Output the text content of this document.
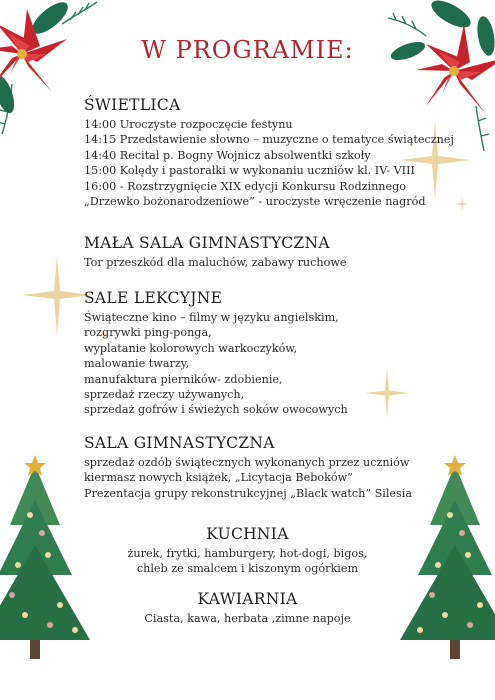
W PROGRAMIE:
ŚWIETLICA
14:00 Uroczyste rozpoczęcie festynu
14:15 Przedstawienie słowno – muzyczne o tematyce świątecznej
14:40 Recital p. Bogny Wojnicz absolwentki szkoły
15:00 Kolędy i pastorałki w wykonaniu uczniów kl. IV- VIII
16:00 - Rozstrzygnięcie XIX edycji Konkursu Rodzinnego
„Drzewko bożonarodzeniowe” - uroczyste wręczenie nagród
MAŁA SALA GIMNASTYCZNA
Tor przeszkód dla maluchów, zabawy ruchowe
SALE LEKCYJNE
Świąteczne kino – filmy w języku angielskim,
rozgrywki ping-ponga,
wyplatanie kolorowych warkoczyków,
malowanie twarzy,
manufaktura pierników- zdobienie,
sprzedaż rzeczy używanych,
sprzedaż gofrów i świeżych soków owocowych
SALA GIMNASTYCZNA
sprzedaż ozdób świątecznych wykonanych przez uczniów
kiermasz nowych książek, „Licytacja Beboków”
Prezentacja grupy rekonstrukcyjnej „Black watch” Silesia
KUCHNIA
żurek, frytki, hamburgery, hot-dogi, bigos,
chleb ze smalcem i kiszonym ogórkiem
KAWIARNIA
Ciasta, kawa, herbata ,zimne napoje
